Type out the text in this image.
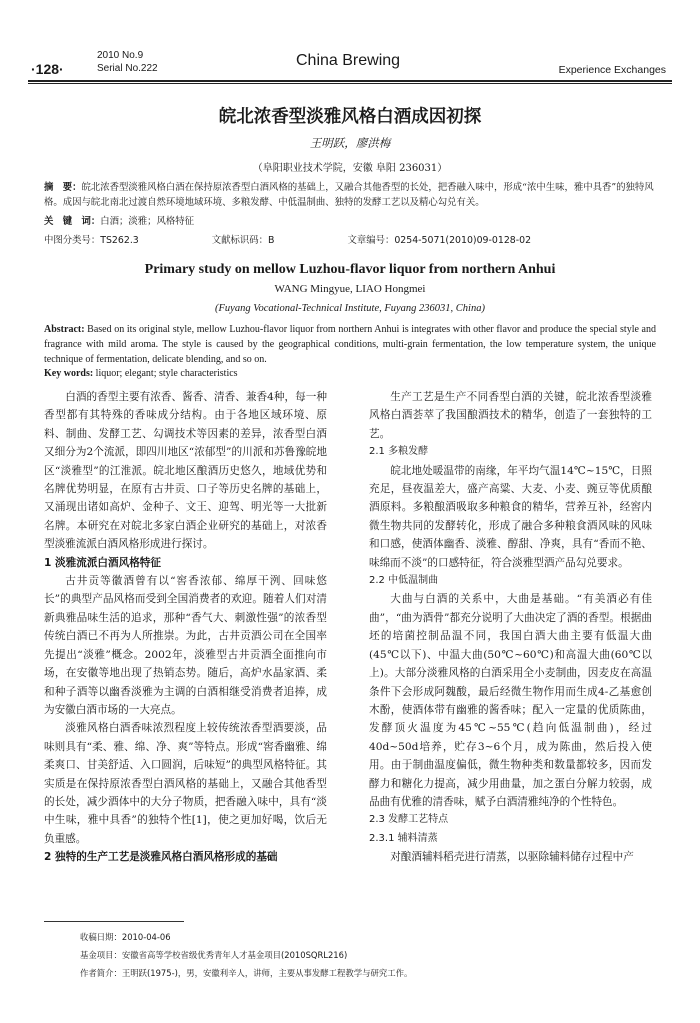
·128·
2010 No.9
Serial No.222	China Brewing
Experience Exchanges
皖北浓香型淡雅风格白酒成因初探
王明跃，廖洪梅
（阜阳职业技术学院，安徽 阜阳 236031）
摘　要：皖北浓香型淡雅风格白酒在保持原浓香型白酒风格的基础上，又融合其他香型的长处，把香融入味中，形成“浓中生味，雅中具香”的独特风格。成因与皖北南北过渡自然环境地域环境、多粮发酵、中低温制曲、独特的发酵工艺以及精心勾兑有关。
关　键　词：白酒；淡雅；风格特征
中图分类号：TS262.3	文献标识码：B	文章编号：0254-5071(2010)09-0128-02
Primary study on mellow Luzhou-flavor liquor from northern Anhui
WANG Mingyue, LIAO Hongmei
(Fuyang Vocational-Technical Institute, Fuyang 236031, China)
Abstract: Based on its original style, mellow Luzhou-flavor liquor from northern Anhui is integrates with other flavor and produce the special style and fragrance with mild aroma. The style is caused by the geographical conditions, multi-grain fermentation, the low temperature system, the unique technique of fermentation, delicate blending, and so on.
Key words: liquor; elegant; style characteristics

白酒的香型主要有浓香、酱香、清香、兼香4种，每一种香型都有其特殊的香味成分结构。由于各地区域环境、原料、制曲、发酵工艺、勾调技术等因素的差异，浓香型白酒又细分为2个流派，即四川地区“浓郁型”的川派和苏鲁豫皖地区“淡雅型”的江淮派。皖北地区酿酒历史悠久，地域优势和名牌优势明显，在原有古井贡、口子等历史名牌的基础上，又涌现出诸如高炉、金种子、文王、迎驾、明光等一大批新名牌。本研究在对皖北多家白酒企业研究的基础上，对浓香型淡雅流派白酒风格形成进行探讨。

1 淡雅流派白酒风格特征

古井贡等徽酒曾有以“窖香浓郁、绵厚干洌、回味悠长”的典型产品风格而受到全国消费者的欢迎。随着人们对清新典雅品味生活的追求，那种“香气大、刺激性强”的浓香型传统白酒已不再为人所推崇。为此，古井贡酒公司在全国率先提出“淡雅”概念。2002年，淡雅型古井贡酒全面推向市场，在安徽等地出现了热销态势。随后，高炉水晶家酒、柔和种子酒等以幽香淡雅为主调的白酒相继受消费者追捧，成为安徽白酒市场的一大亮点。

淡雅风格白酒香味浓烈程度上较传统浓香型酒要淡，品味则具有“柔、雅、绵、净、爽”等特点。形成“窖香幽雅、绵柔爽口、甘美舒适、入口圆润，后味短”的典型风格特征。其实质是在保持原浓香型白酒风格的基础上，又融合其他香型的长处，减少酒体中的大分子物质，把香融入味中，具有“淡中生味，雅中具香”的独特个性[1]，使之更加好喝，饮后无负重感。

2 独特的生产工艺是淡雅风格白酒风格形成的基础

生产工艺是生产不同香型白酒的关键，皖北浓香型淡雅风格白酒荟萃了我国酿酒技术的精华，创造了一套独特的工艺。

2.1 多粮发酵

皖北地处暖温带的南缘，年平均气温14℃~15℃，日照充足，昼夜温差大，盛产高粱、大麦、小麦、豌豆等优质酿酒原料。多粮酿酒吸取多种粮食的精华，营养互补，经窖内微生物共同的发酵转化，形成了融合多种粮食酒风味的风味和口感，使酒体幽香、淡雅、醇甜、净爽，具有“香而不艳、味绵而不淡”的口感特征，符合淡雅型酒产品勾兑要求。

2.2 中低温制曲

大曲与白酒的关系中，大曲是基础。“有美酒必有佳曲”，“曲为酒骨”都充分说明了大曲决定了酒的香型。根据曲坯的培菌控制品温不同，我国白酒大曲主要有低温大曲(45℃以下)、中温大曲(50℃~60℃)和高温大曲(60℃以上)。大部分淡雅风格的白酒采用全小麦制曲，因麦皮在高温条件下会形成阿魏酸，最后经微生物作用而生成4-乙基愈创木酚，使酒体带有幽雅的酱香味；配入一定量的优质陈曲，发酵顶火温度为45℃~55℃(趋向低温制曲)，经过40d~50d培养，贮存3~6个月，成为陈曲，然后投入使用。由于制曲温度偏低，微生物种类和数量都较多，因而发酵力和糖化力提高，减少用曲量，加之蛋白分解力较弱，成品曲有优雅的清香味，赋予白酒清雅纯净的个性特色。

2.3 发酵工艺特点
2.3.1 辅料清蒸

对酿酒辅料稻壳进行清蒸，以驱除辅料储存过程中产

收稿日期：2010-04-06
基金项目：安徽省高等学校省级优秀青年人才基金项目(2010SQRL216)
作者简介：王明跃(1975-)，男，安徽利辛人，讲师，主要从事发酵工程教学与研究工作。
